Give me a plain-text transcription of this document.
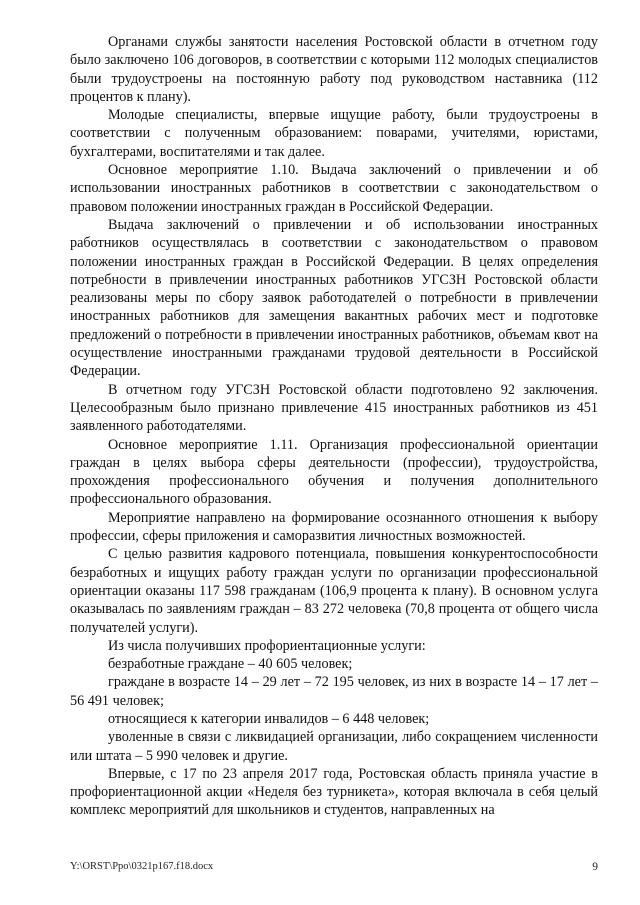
Органами службы занятости населения Ростовской области в отчетном году было заключено 106 договоров, в соответствии с которыми 112 молодых специалистов были трудоустроены на постоянную работу под руководством наставника (112 процентов к плану).

Молодые специалисты, впервые ищущие работу, были трудоустроены в соответствии с полученным образованием: поварами, учителями, юристами, бухгалтерами, воспитателями и так далее.

Основное мероприятие 1.10. Выдача заключений о привлечении и об использовании иностранных работников в соответствии с законодательством о правовом положении иностранных граждан в Российской Федерации.

Выдача заключений о привлечении и об использовании иностранных работников осуществлялась в соответствии с законодательством о правовом положении иностранных граждан в Российской Федерации. В целях определения потребности в привлечении иностранных работников УГСЗН Ростовской области реализованы меры по сбору заявок работодателей о потребности в привлечении иностранных работников для замещения вакантных рабочих мест и подготовке предложений о потребности в привлечении иностранных работников, объемам квот на осуществление иностранными гражданами трудовой деятельности в Российской Федерации.

В отчетном году УГСЗН Ростовской области подготовлено 92 заключения. Целесообразным было признано привлечение 415 иностранных работников из 451 заявленного работодателями.

Основное мероприятие 1.11. Организация профессиональной ориентации граждан в целях выбора сферы деятельности (профессии), трудоустройства, прохождения профессионального обучения и получения дополнительного профессионального образования.

Мероприятие направлено на формирование осознанного отношения к выбору профессии, сферы приложения и саморазвития личностных возможностей.

С целью развития кадрового потенциала, повышения конкурентоспособности безработных и ищущих работу граждан услуги по организации профессиональной ориентации оказаны 117 598 гражданам (106,9 процента к плану). В основном услуга оказывалась по заявлениям граждан – 83 272 человека (70,8 процента от общего числа получателей услуги).

Из числа получивших профориентационные услуги:

безработные граждане – 40 605 человек;

граждане в возрасте 14 – 29 лет – 72 195 человек, из них в возрасте 14 – 17 лет – 56 491 человек;

относящиеся к категории инвалидов – 6 448 человек;

уволенные в связи с ликвидацией организации, либо сокращением численности или штата – 5 990 человек и другие.

Впервые, с 17 по 23 апреля 2017 года, Ростовская область приняла участие в профориентационной акции «Неделя без турникета», которая включала в себя целый комплекс мероприятий для школьников и студентов, направленных на

Y:\ORST\Ppo\0321p167.f18.docx	9
